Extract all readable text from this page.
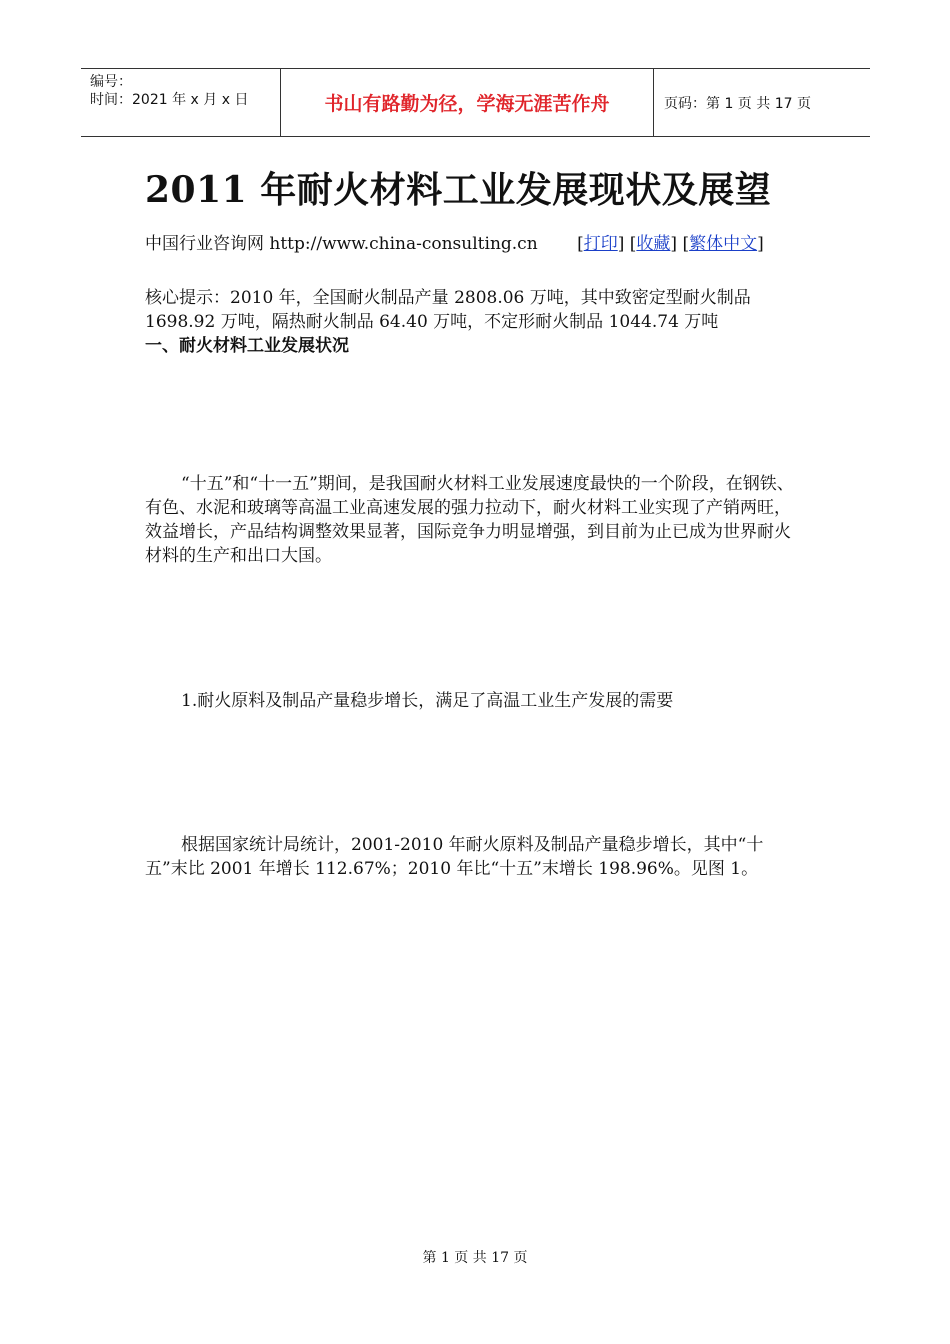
编号：
时间：2021 年 x 月 x 日	书山有路勤为径，学海无涯苦作舟	页码：第 1 页 共 17 页
2011 年耐火材料工业发展现状及展望
中国行业咨询网 http://www.china-consulting.cn [打印] [收藏] [繁体中文]
核心提示：2010 年，全国耐火制品产量 2808.06 万吨，其中致密定型耐火制品 1698.92 万吨，隔热耐火制品 64.40 万吨，不定形耐火制品 1044.74 万吨
一、耐火材料工业发展状况
“十五”和“十一五”期间，是我国耐火材料工业发展速度最快的一个阶段，在钢铁、有色、水泥和玻璃等高温工业高速发展的强力拉动下，耐火材料工业实现了产销两旺，效益增长，产品结构调整效果显著，国际竞争力明显增强，到目前为止已成为世界耐火材料的生产和出口大国。
1.耐火原料及制品产量稳步增长，满足了高温工业生产发展的需要
根据国家统计局统计，2001-2010 年耐火原料及制品产量稳步增长，其中“十五”末比 2001 年增长 112.67%；2010 年比“十五”末增长 198.96%。见图 1。
第 1 页 共 17 页
